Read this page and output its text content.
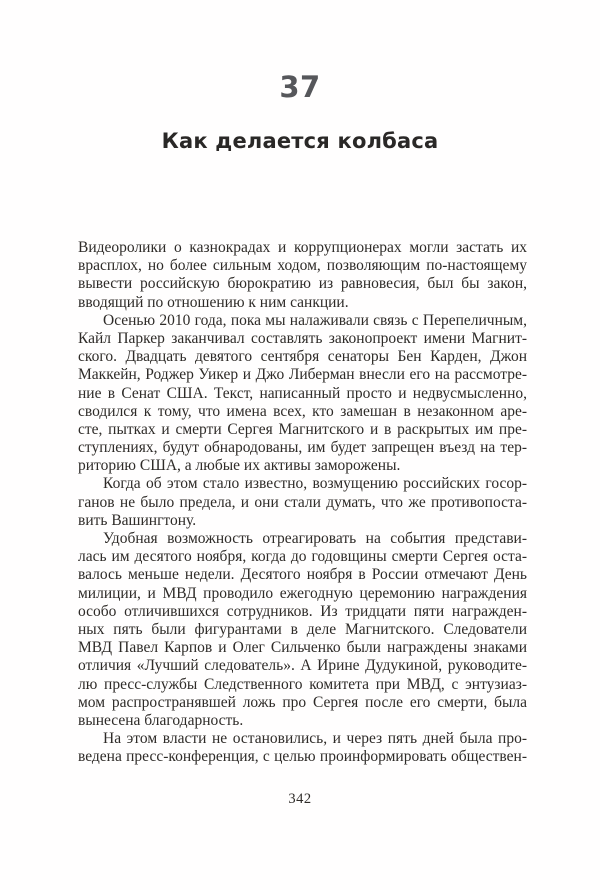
37
Как делается колбаса
Видеоролики о казнокрадах и коррупционерах могли застать их
врасплох, но более сильным ходом, позволяющим по-настоящему
вывести российскую бюрократию из равновесия, был бы закон,
вводящий по отношению к ним санкции.
Осенью 2010 года, пока мы налаживали связь с Перепеличным,
Кайл Паркер заканчивал составлять законопроект имени Магнит-
ского. Двадцать девятого сентября сенаторы Бен Карден, Джон
Маккейн, Роджер Уикер и Джо Либерман внесли его на рассмотре-
ние в Сенат США. Текст, написанный просто и недвусмысленно,
сводился к тому, что имена всех, кто замешан в незаконном аре-
сте, пытках и смерти Сергея Магнитского и в раскрытых им пре-
ступлениях, будут обнародованы, им будет запрещен въезд на тер-
риторию США, а любые их активы заморожены.
Когда об этом стало известно, возмущению российских госор-
ганов не было предела, и они стали думать, что же противопоста-
вить Вашингтону.
Удобная возможность отреагировать на события представи-
лась им десятого ноября, когда до годовщины смерти Сергея оста-
валось меньше недели. Десятого ноября в России отмечают День
милиции, и МВД проводило ежегодную церемонию награждения
особо отличившихся сотрудников. Из тридцати пяти награжден-
ных пять были фигурантами в деле Магнитского. Следователи
МВД Павел Карпов и Олег Сильченко были награждены знаками
отличия «Лучший следователь». А Ирине Дудукиной, руководите-
лю пресс-службы Следственного комитета при МВД, с энтузиаз-
мом распространявшей ложь про Сергея после его смерти, была
вынесена благодарность.
На этом власти не остановились, и через пять дней была про-
ведена пресс-конференция, с целью проинформировать обществен-
342
